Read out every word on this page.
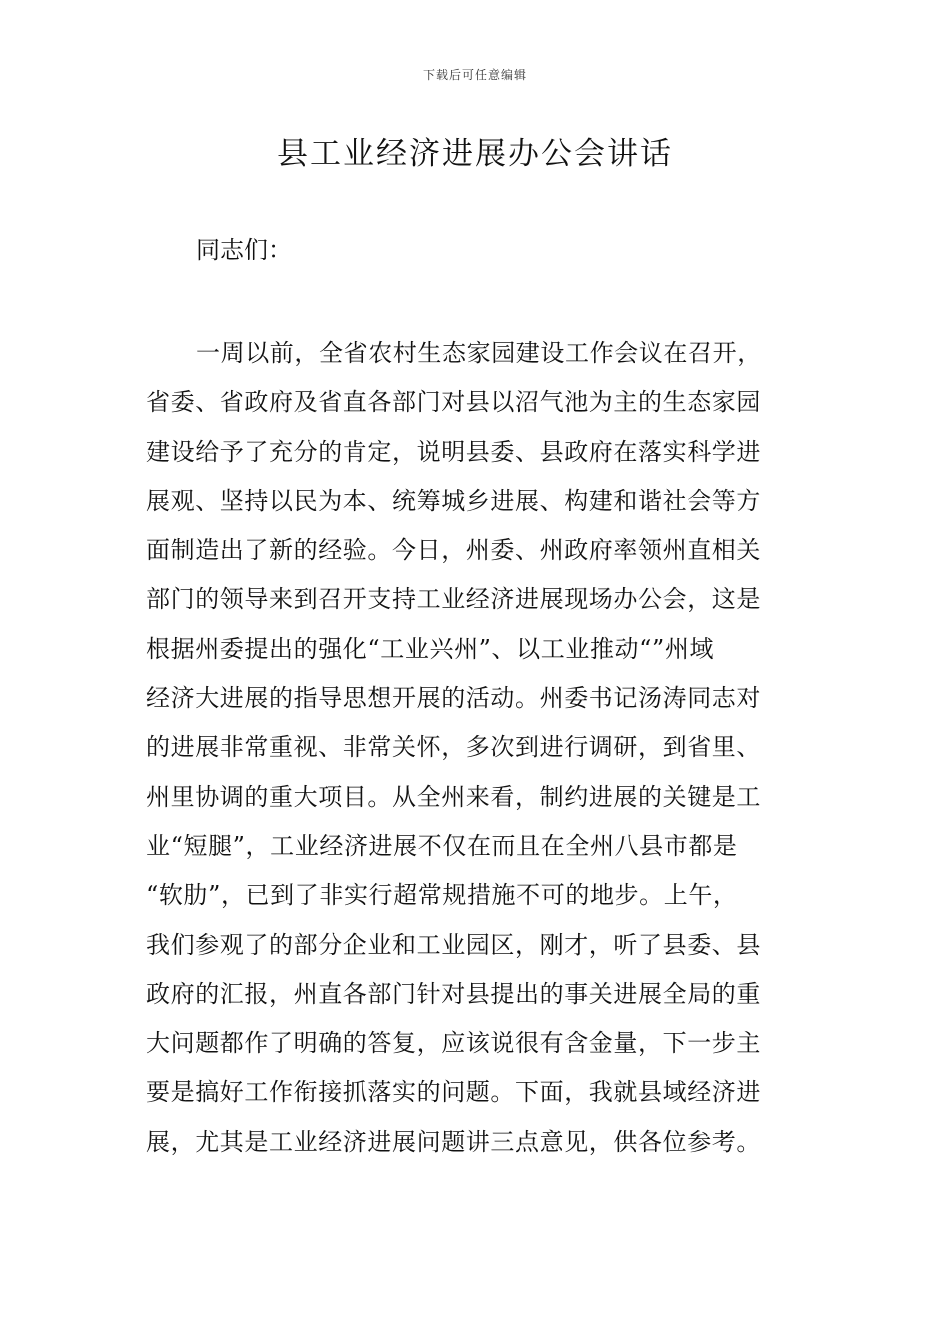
下载后可任意编辑
县工业经济进展办公会讲话
同志们：

一周以前，全省农村生态家园建设工作会议在召开，
省委、省政府及省直各部门对县以沼气池为主的生态家园
建设给予了充分的肯定，说明县委、县政府在落实科学进
展观、坚持以民为本、统筹城乡进展、构建和谐社会等方
面制造出了新的经验。今日，州委、州政府率领州直相关
部门的领导来到召开支持工业经济进展现场办公会，这是
根据州委提出的强化“工业兴州”、以工业推动“”州域
经济大进展的指导思想开展的活动。州委书记汤涛同志对
的进展非常重视、非常关怀，多次到进行调研，到省里、
州里协调的重大项目。从全州来看，制约进展的关键是工
业“短腿”，工业经济进展不仅在而且在全州八县市都是
“软肋”，已到了非实行超常规措施不可的地步。上午，
我们参观了的部分企业和工业园区，刚才，听了县委、县
政府的汇报，州直各部门针对县提出的事关进展全局的重
大问题都作了明确的答复，应该说很有含金量，下一步主
要是搞好工作衔接抓落实的问题。下面，我就县域经济进
展，尤其是工业经济进展问题讲三点意见，供各位参考。
